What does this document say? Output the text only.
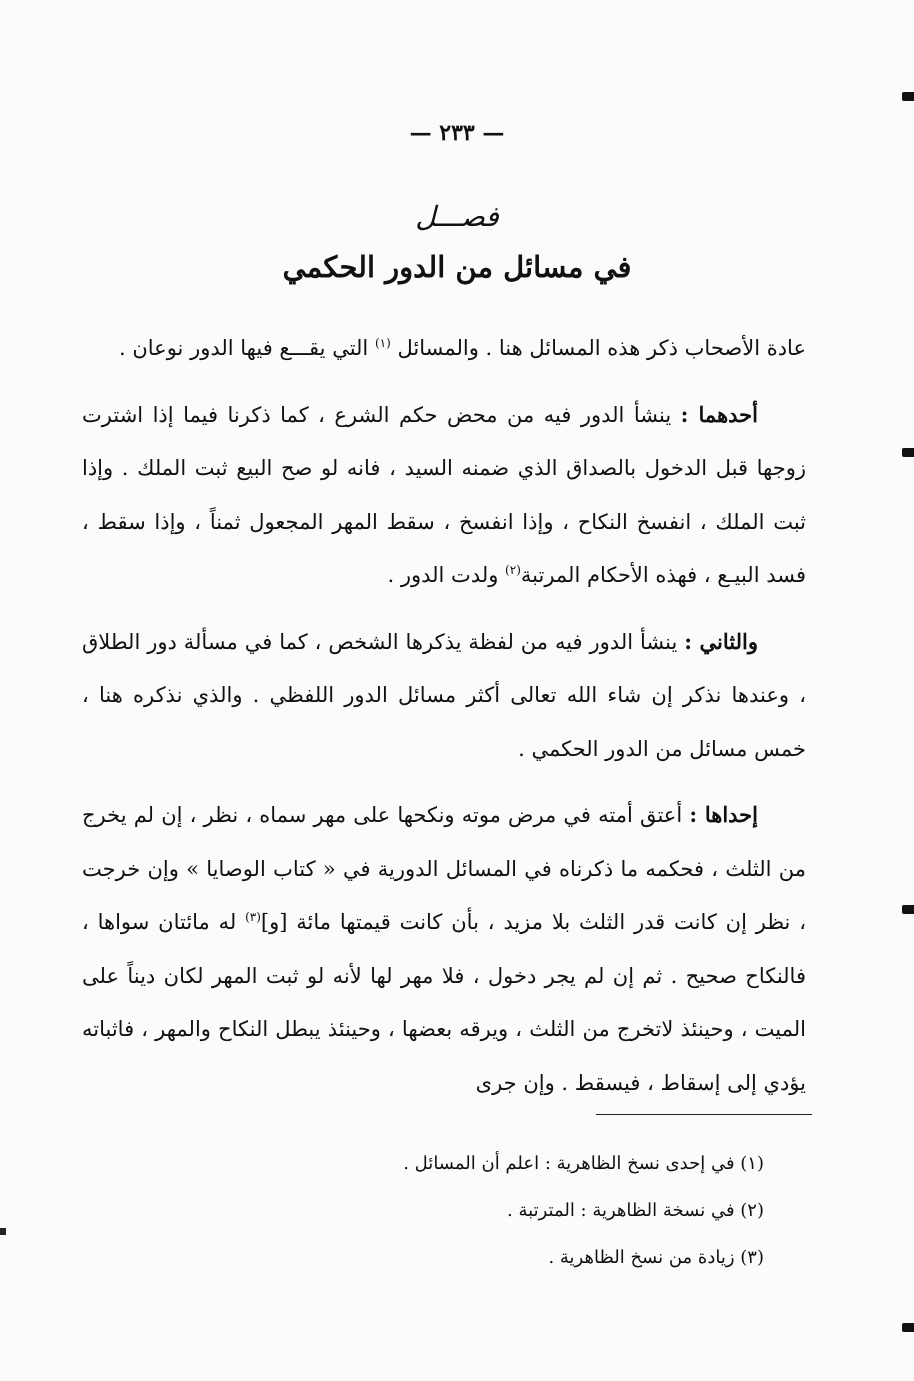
— ٢٣٣ —
فصـــل
في مسائل من الدور الحكمي

عادة الأصحاب ذكر هذه المسائل هنا . والمسائل $^{(١)}$ التي يقـــع فيها الدور نوعان .

أحدهما : ينشأ الدور فيه من محض حكم الشرع ، كما ذكرنا فيما إذا اشترت زوجها قبل الدخول بالصداق الذي ضمنه السيد ، فانه لو صح البيع ثبت الملك . وإذا ثبت الملك ، انفسخ النكاح ، وإذا انفسخ ، سقط المهر المجعول ثمناً ، وإذا سقط ، فسد البيـع ، فهذه الأحكام المرتبة$^{(٢)}$ ولدت الدور .

والثاني : ينشأ الدور فيه من لفظة يذكرها الشخص ، كما في مسألة دور الطلاق ، وعندها نذكر إن شاء الله تعالى أكثر مسائل الدور اللفظي . والذي نذكره هنا ، خمس مسائل من الدور الحكمي .

إحداها : أعتق أمته في مرض موته ونكحها على مهر سماه ، نظر ، إن لم يخرج من الثلث ، فحكمه ما ذكرناه في المسائل الدورية في « كتاب الوصايا » وإن خرجت ، نظر إن كانت قدر الثلث بلا مزيد ، بأن كانت قيمتها مائة [و]$^{(٣)}$ له مائتان سواها ، فالنكاح صحيح . ثم إن لم يجر دخول ، فلا مهر لها لأنه لو ثبت المهر لكان ديناً على الميت ، وحينئذ لاتخرج من الثلث ، ويرقه بعضها ، وحينئذ يبطل النكاح والمهر ، فاثباته يؤدي إلى إسقاط ، فيسقط . وإن جرى

(١) في إحدى نسخ الظاهرية : اعلم أن المسائل .
(٢) في نسخة الظاهرية : المترتبة .
(٣) زيادة من نسخ الظاهرية .
